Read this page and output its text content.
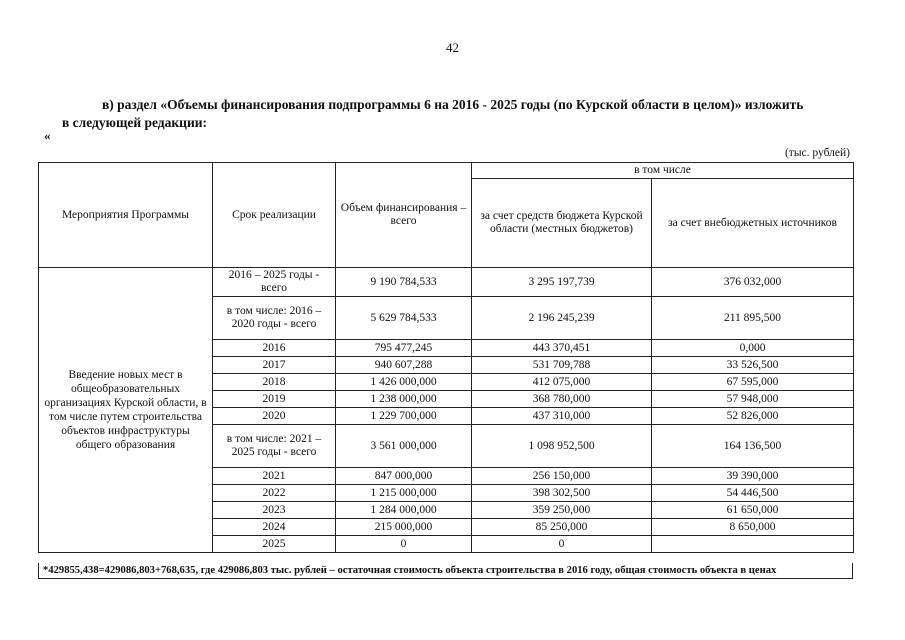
42
в) раздел «Объемы финансирования подпрограммы 6 на 2016 - 2025 годы (по Курской области в целом)» изложить
в следующей редакции:
«
(тыс. рублей)
Мероприятия Программы	Срок реализации	Объем финансирования – всего	в том числе	
			за счет средств бюджета Курской области (местных бюджетов)	за счет внебюджетных источников
Введение новых мест в общеобразовательных организациях Курской области, в том числе путем строительства объектов инфраструктуры общего образования	2016 – 2025 годы - всего	9 190 784,533	3 295 197,739	376 032,000
	в том числе: 2016 – 2020 годы - всего	5 629 784,533	2 196 245,239	211 895,500
	2016	795 477,245	443 370,451	0,000
	2017	940 607,288	531 709,788	33 526,500
	2018	1 426 000,000	412 075,000	67 595,000
	2019	1 238 000,000	368 780,000	57 948,000
	2020	1 229 700,000	437 310,000	52 826,000
	в том числе: 2021 – 2025 годы - всего	3 561 000,000	1 098 952,500	164 136,500
	2021	847 000,000	256 150,000	39 390,000
	2022	1 215 000,000	398 302,500	54 446,500
	2023	1 284 000,000	359 250,000	61 650,000
	2024	215 000,000	85 250,000	8 650,000
	2025	0	0	
*429855,438=429086,803+768,635, где 429086,803 тыс. рублей – остаточная стоимость объекта строительства в 2016 году, общая стоимость объекта в ценах
